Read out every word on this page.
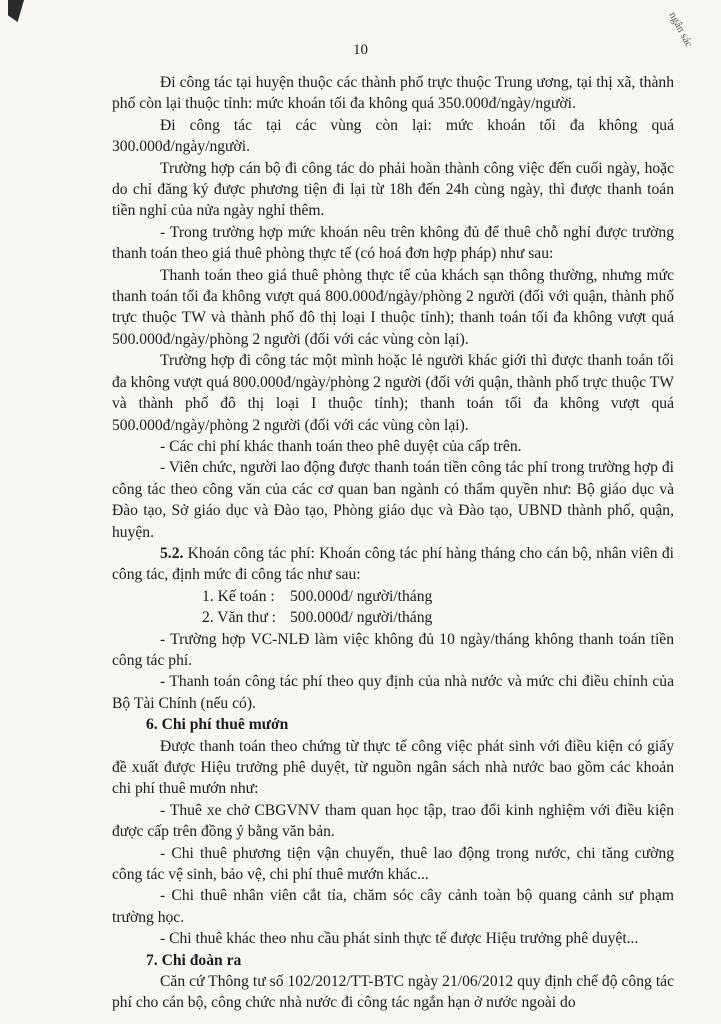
ngân sác
10

Đi công tác tại huyện thuộc các thành phố trực thuộc Trung ương, tại thị xã, thành phố còn lại thuộc tỉnh: mức khoán tối đa không quá 350.000đ/ngày/người.

Đi công tác tại các vùng còn lại: mức khoán tối đa không quá 300.000đ/ngày/người.

Trường hợp cán bộ đi công tác do phải hoàn thành công việc đến cuối ngày, hoặc do chỉ đăng ký được phương tiện đi lại từ 18h đến 24h cùng ngày, thì được thanh toán tiền nghỉ của nửa ngày nghỉ thêm.

- Trong trường hợp mức khoán nêu trên không đủ để thuê chỗ nghỉ được trường thanh toán theo giá thuê phòng thực tế (có hoá đơn hợp pháp) như sau:

Thanh toán theo giá thuê phòng thực tế của khách sạn thông thường, nhưng mức thanh toán tối đa không vượt quá 800.000đ/ngày/phòng 2 người (đối với quận, thành phố trực thuộc TW và thành phố đô thị loại I thuộc tỉnh); thanh toán tối đa không vượt quá 500.000đ/ngày/phòng 2 người (đối với các vùng còn lại).

Trường hợp đi công tác một mình hoặc lẻ người khác giới thì được thanh toán tối đa không vượt quá 800.000đ/ngày/phòng 2 người (đối với quận, thành phố trực thuộc TW và thành phố đô thị loại I thuộc tỉnh); thanh toán tối đa không vượt quá 500.000đ/ngày/phòng 2 người (đối với các vùng còn lại).

- Các chi phí khác thanh toán theo phê duyệt của cấp trên.

- Viên chức, người lao động được thanh toán tiền công tác phí trong trường hợp đi công tác theo công văn của các cơ quan ban ngành có thẩm quyền như: Bộ giáo dục và Đào tạo, Sở giáo dục và Đào tạo, Phòng giáo dục và Đào tạo, UBND thành phố, quận, huyện.

5.2. Khoán công tác phí: Khoán công tác phí hàng tháng cho cán bộ, nhân viên đi công tác, định mức đi công tác như sau:

1. Kế toán : 500.000đ/ người/tháng

2. Văn thư : 500.000đ/ người/tháng

- Trường hợp VC-NLĐ làm việc không đủ 10 ngày/tháng không thanh toán tiền công tác phí.

- Thanh toán công tác phí theo quy định của nhà nước và mức chi điều chỉnh của Bộ Tài Chính (nếu có).

6. Chi phí thuê mướn

Được thanh toán theo chứng từ thực tế công việc phát sinh với điều kiện có giấy đề xuất được Hiệu trưởng phê duyệt, từ nguồn ngân sách nhà nước bao gồm các khoản chi phí thuê mướn như:

- Thuê xe chở CBGVNV tham quan học tập, trao đổi kinh nghiệm với điều kiện được cấp trên đồng ý bằng văn bản.

- Chi thuê phương tiện vận chuyển, thuê lao động trong nước, chi tăng cường công tác vệ sinh, bảo vệ, chi phí thuê mướn khác...

- Chi thuê nhân viên cắt tỉa, chăm sóc cây cảnh toàn bộ quang cảnh sư phạm trường học.

- Chi thuê khác theo nhu cầu phát sinh thực tế được Hiệu trưởng phê duyệt...

7. Chi đoàn ra

Căn cứ Thông tư số 102/2012/TT-BTC ngày 21/06/2012 quy định chế độ công tác phí cho cán bộ, công chức nhà nước đi công tác ngắn hạn ở nước ngoài do
